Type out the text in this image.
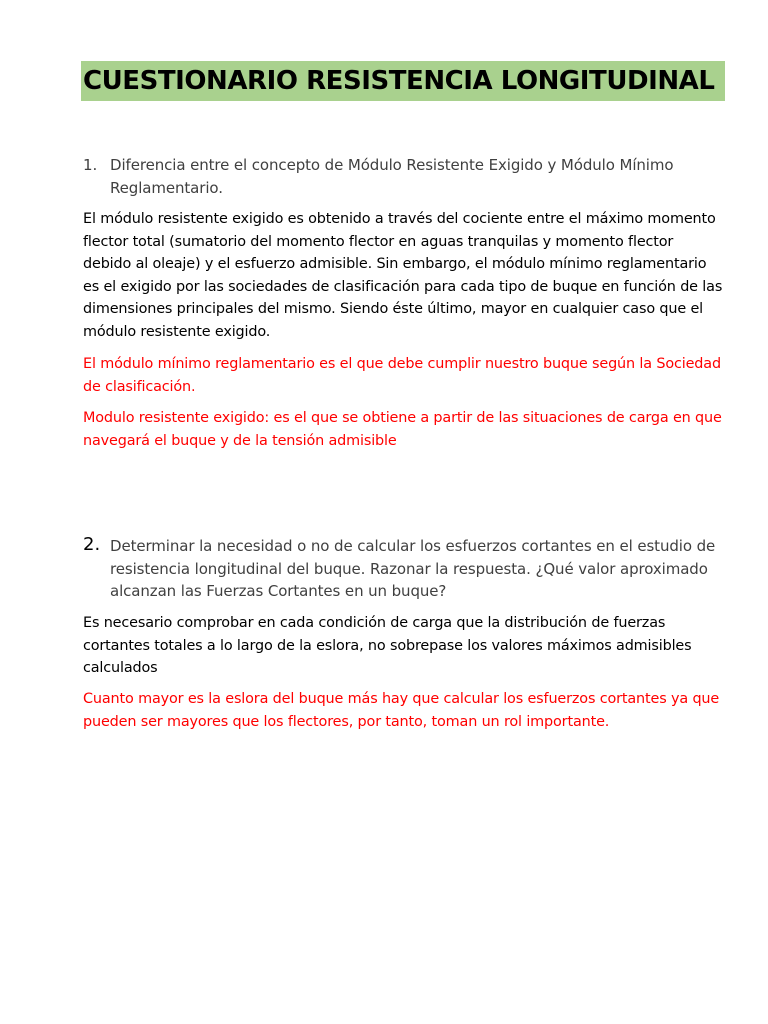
CUESTIONARIO RESISTENCIA LONGITUDINAL
1. Diferencia entre el concepto de Módulo Resistente Exigido y Módulo Mínimo Reglamentario.
El módulo resistente exigido es obtenido a través del cociente entre el máximo momento flector total (sumatorio del momento flector en aguas tranquilas y momento flector debido al oleaje) y el esfuerzo admisible. Sin embargo, el módulo mínimo reglamentario es el exigido por las sociedades de clasificación para cada tipo de buque en función de las dimensiones principales del mismo. Siendo éste último, mayor en cualquier caso que el módulo resistente exigido.
El módulo mínimo reglamentario es el que debe cumplir nuestro buque según la Sociedad de clasificación.
Modulo resistente exigido: es el que se obtiene a partir de las situaciones de carga en que navegará el buque y de la tensión admisible
2. Determinar la necesidad o no de calcular los esfuerzos cortantes en el estudio de resistencia longitudinal del buque. Razonar la respuesta. ¿Qué valor aproximado alcanzan las Fuerzas Cortantes en un buque?
Es necesario comprobar en cada condición de carga que la distribución de fuerzas cortantes totales a lo largo de la eslora, no sobrepase los valores máximos admisibles calculados
Cuanto mayor es la eslora del buque más hay que calcular los esfuerzos cortantes ya que pueden ser mayores que los flectores, por tanto, toman un rol importante.
